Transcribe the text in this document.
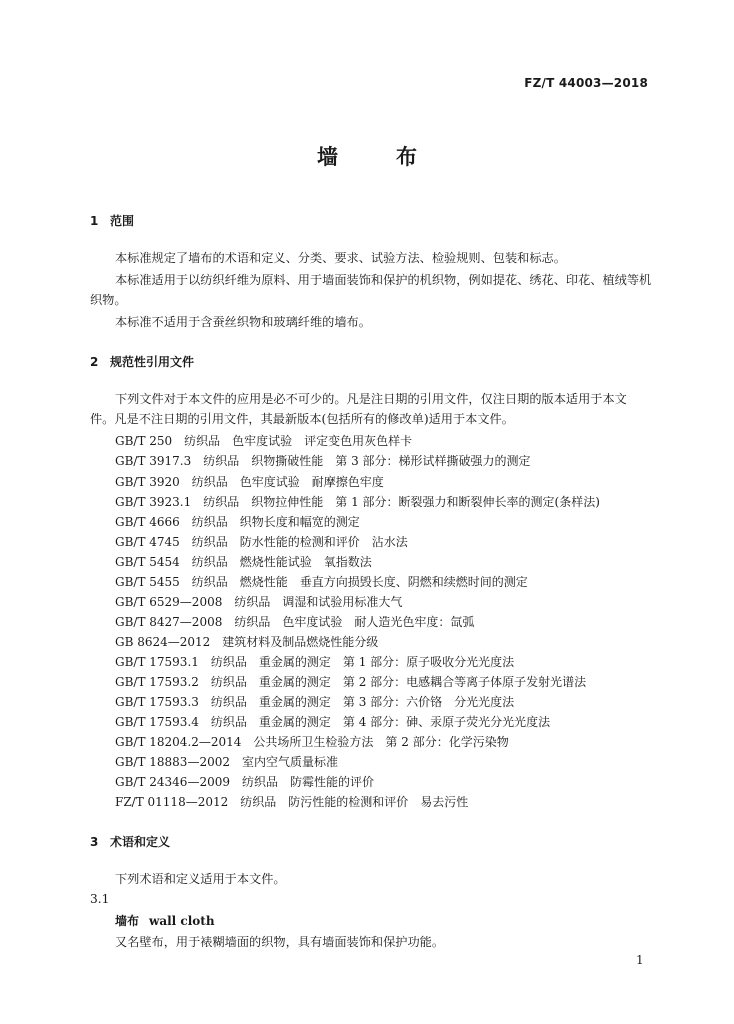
FZ/T 44003—2018
墙	布
1 范围
本标准规定了墙布的术语和定义、分类、要求、试验方法、检验规则、包装和标志。
本标准适用于以纺织纤维为原料、用于墙面装饰和保护的机织物，例如提花、绣花、印花、植绒等机
织物。
本标准不适用于含蚕丝织物和玻璃纤维的墙布。
2 规范性引用文件
下列文件对于本文件的应用是必不可少的。凡是注日期的引用文件，仅注日期的版本适用于本文
件。凡是不注日期的引用文件，其最新版本(包括所有的修改单)适用于本文件。
GB/T 250　纺织品　色牢度试验　评定变色用灰色样卡
GB/T 3917.3　纺织品　织物撕破性能　第 3 部分：梯形试样撕破强力的测定
GB/T 3920　纺织品　色牢度试验　耐摩擦色牢度
GB/T 3923.1　纺织品　织物拉伸性能　第 1 部分：断裂强力和断裂伸长率的测定(条样法)
GB/T 4666　纺织品　织物长度和幅宽的测定
GB/T 4745　纺织品　防水性能的检测和评价　沾水法
GB/T 5454　纺织品　燃烧性能试验　氧指数法
GB/T 5455　纺织品　燃烧性能　垂直方向损毁长度、阴燃和续燃时间的测定
GB/T 6529—2008　纺织品　调湿和试验用标准大气
GB/T 8427—2008　纺织品　色牢度试验　耐人造光色牢度：氙弧
GB 8624—2012　建筑材料及制品燃烧性能分级
GB/T 17593.1　纺织品　重金属的测定　第 1 部分：原子吸收分光光度法
GB/T 17593.2　纺织品　重金属的测定　第 2 部分：电感耦合等离子体原子发射光谱法
GB/T 17593.3　纺织品　重金属的测定　第 3 部分：六价铬　分光光度法
GB/T 17593.4　纺织品　重金属的测定　第 4 部分：砷、汞原子荧光分光光度法
GB/T 18204.2—2014　公共场所卫生检验方法　第 2 部分：化学污染物
GB/T 18883—2002　室内空气质量标准
GB/T 24346—2009　纺织品　防霉性能的评价
FZ/T 01118—2012　纺织品　防污性能的检测和评价　易去污性
3 术语和定义
下列术语和定义适用于本文件。
3.1
墙布 wall cloth
又名壁布，用于裱糊墙面的织物，具有墙面装饰和保护功能。
1
